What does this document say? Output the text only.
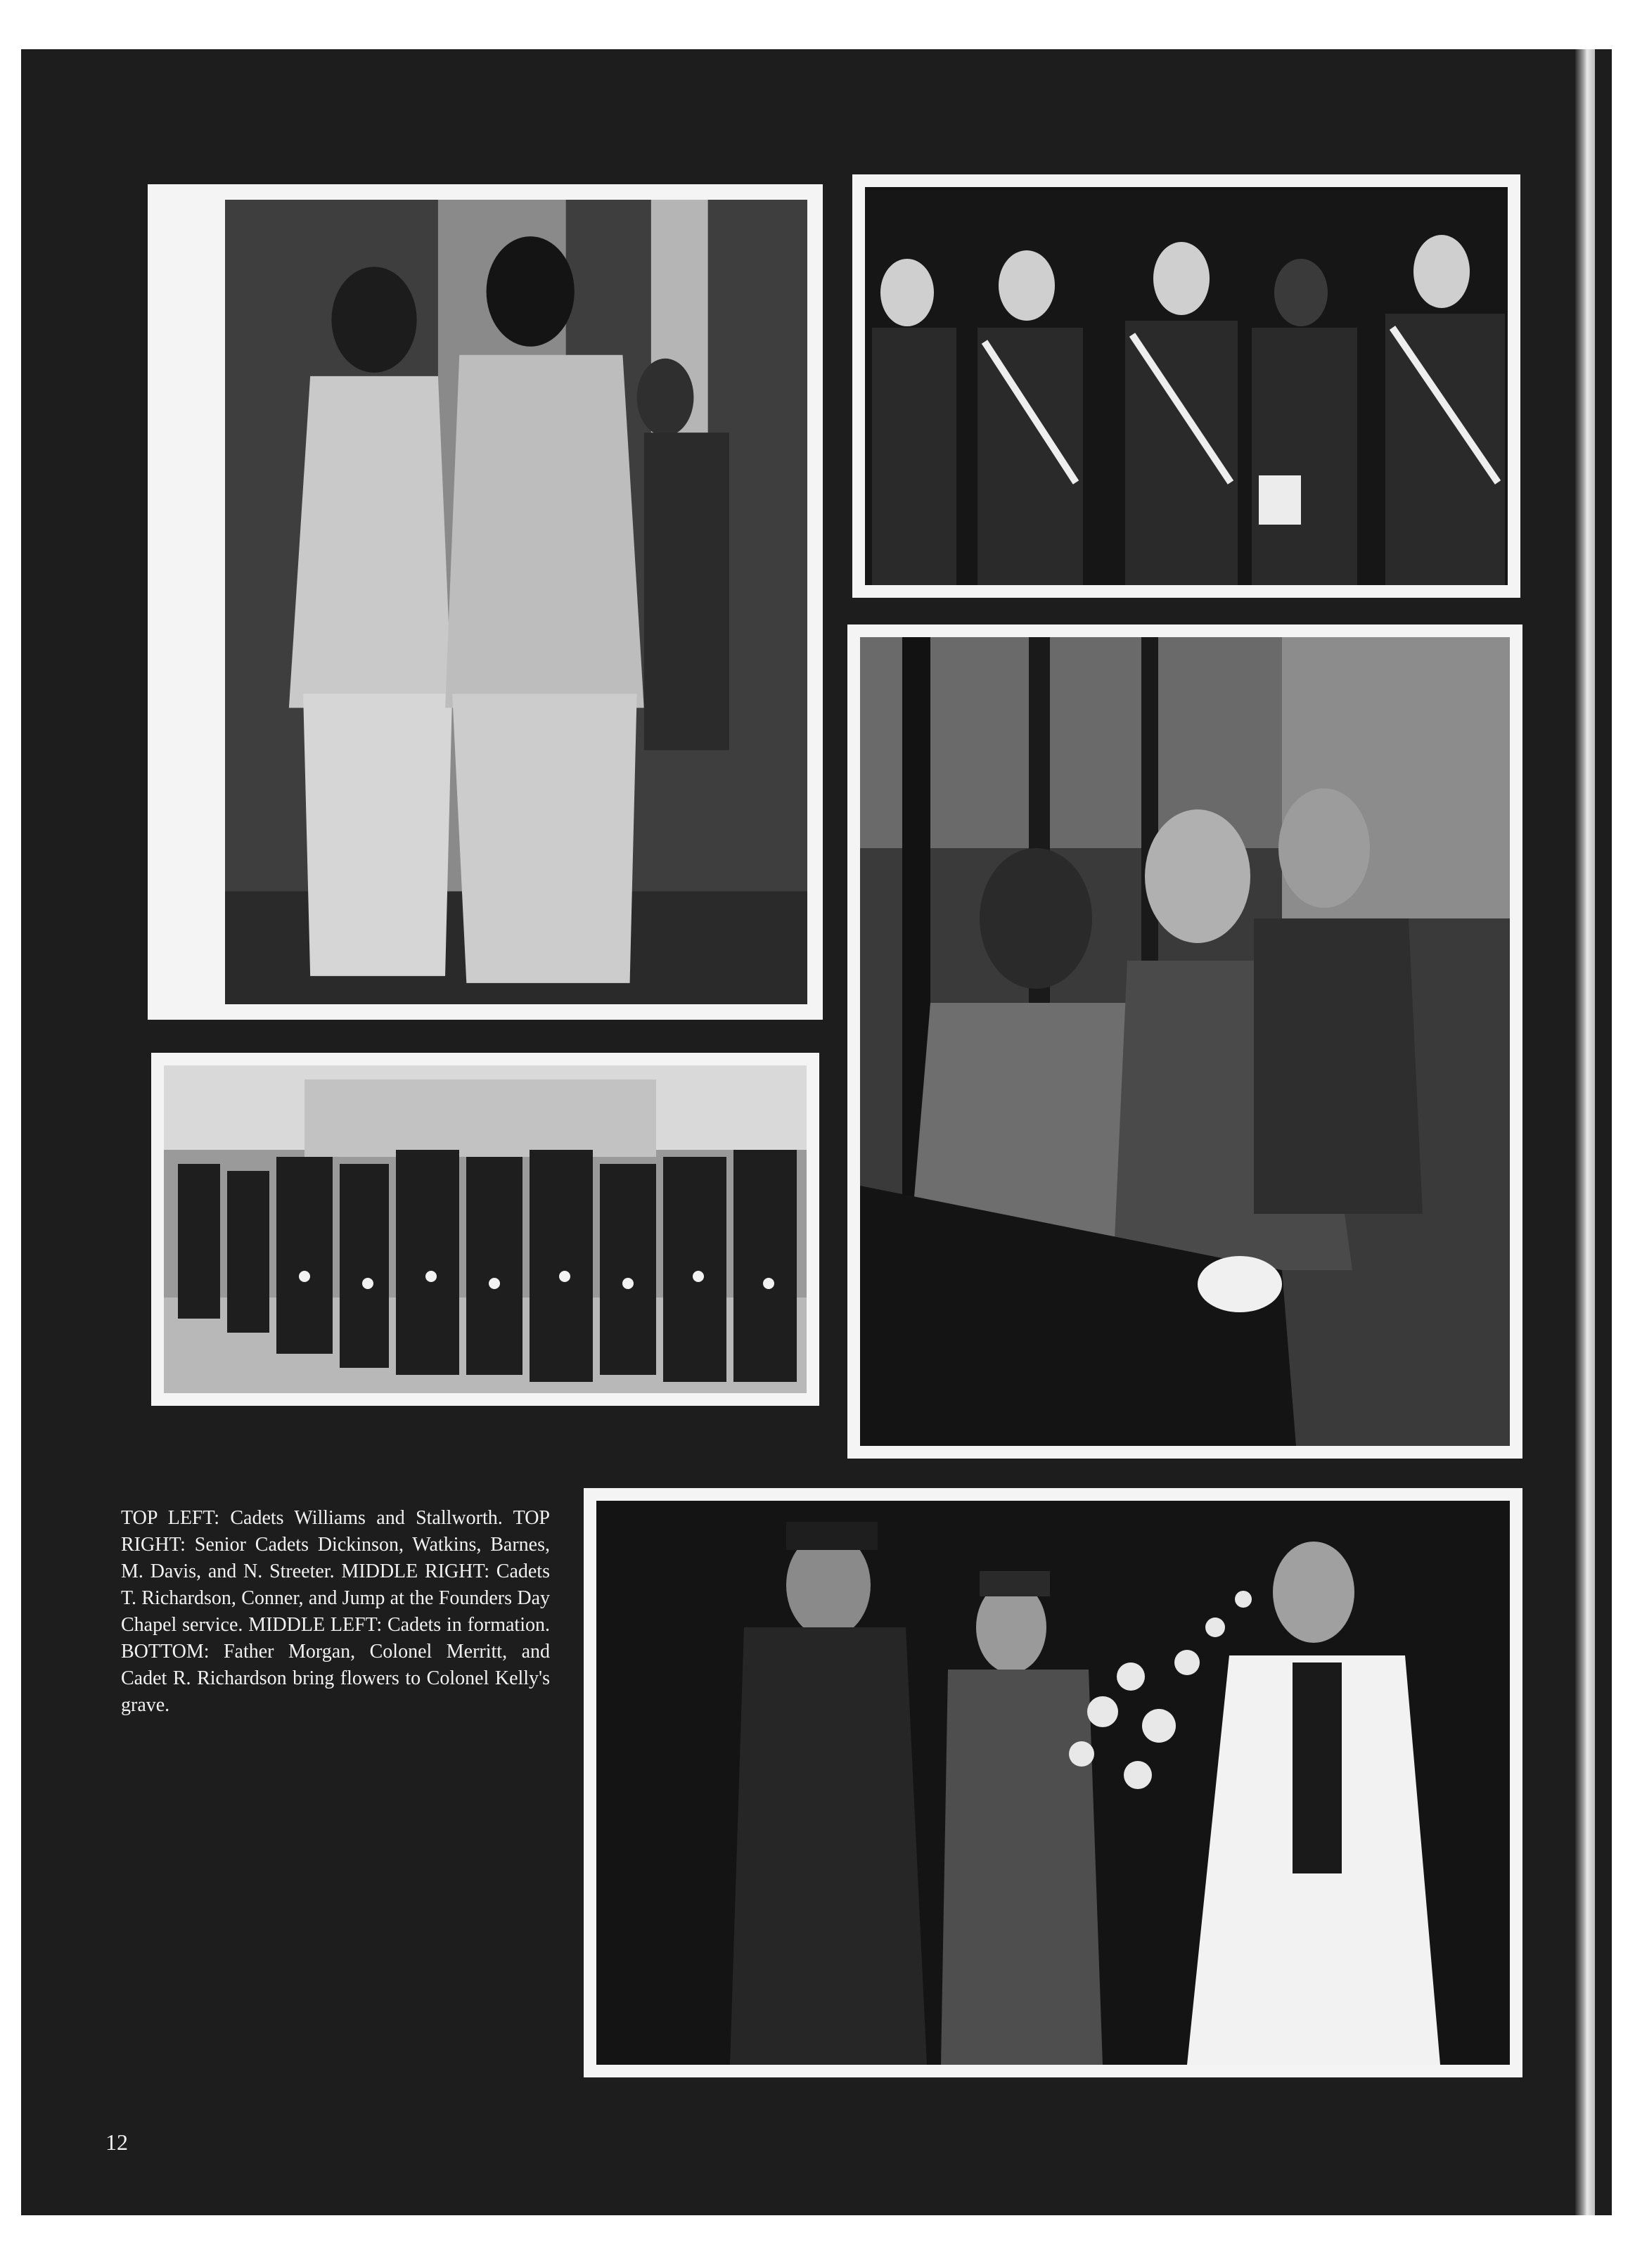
TOP LEFT: Cadets Williams and Stallworth. TOP RIGHT: Senior Cadets Dickinson, Watkins, Barnes, M. Davis, and N. Streeter. MIDDLE RIGHT: Cadets T. Richardson, Conner, and Jump at the Founders Day Chapel service. MIDDLE LEFT: Cadets in formation. BOTTOM: Father Morgan, Colonel Merritt, and Cadet R. Richardson bring flowers to Colonel Kelly's grave.
12
